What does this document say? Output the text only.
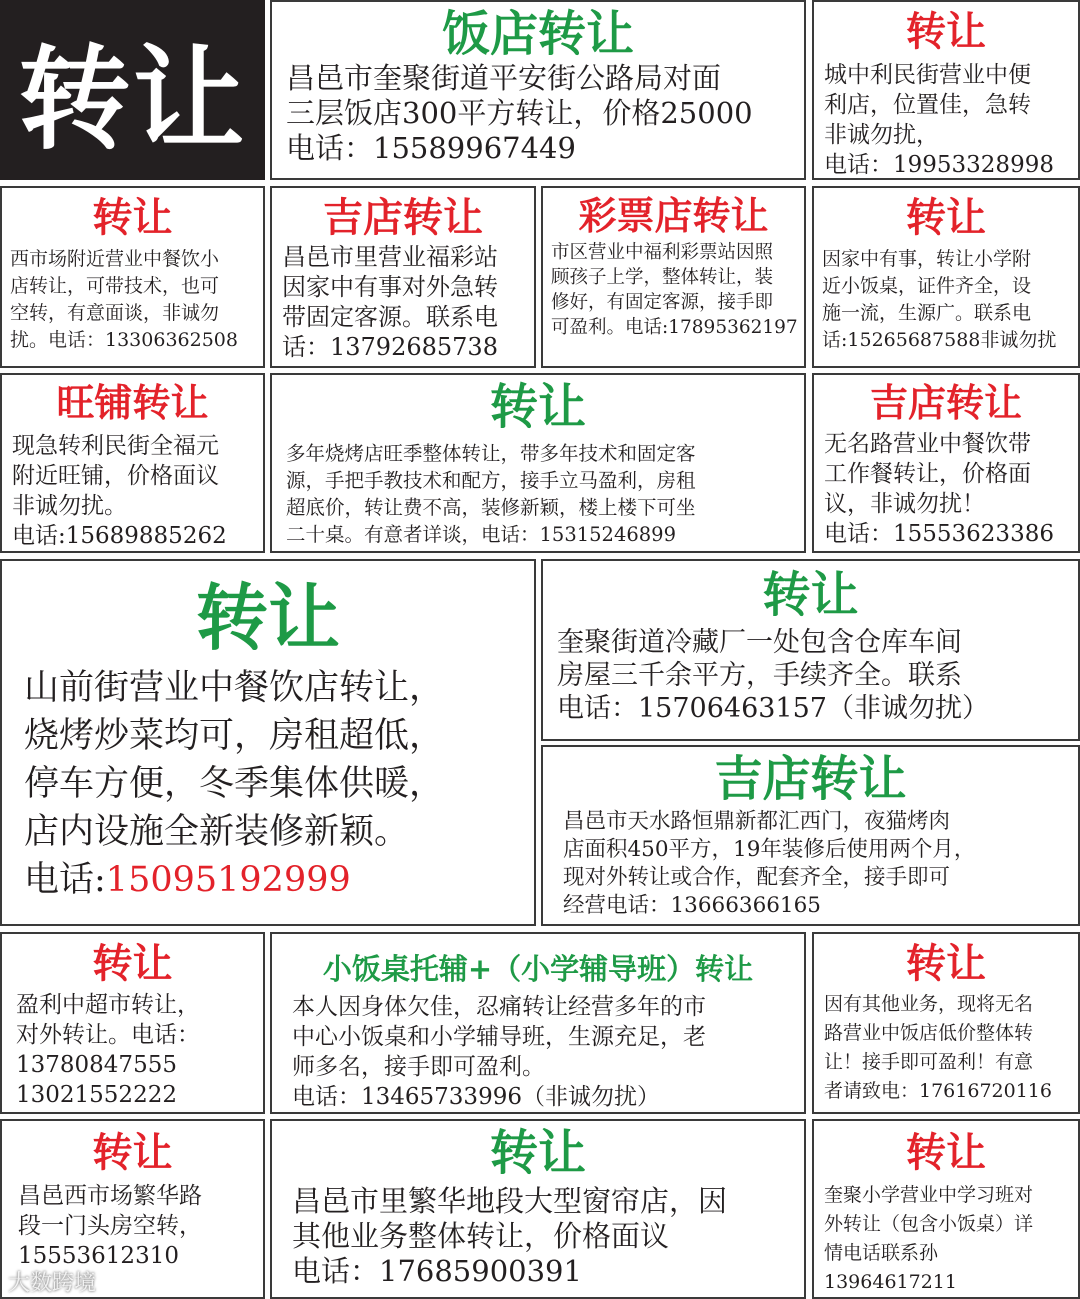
转让
饭店转让
昌邑市奎聚街道平安街公路局对面
三层饭店300平方转让，价格25000
电话：15589967449
转让
城中利民街营业中便
利店，位置佳，急转
非诚勿扰，
电话：19953328998
转让
西市场附近营业中餐饮小
店转让，可带技术，也可
空转，有意面谈，非诚勿
扰。电话：13306362508
吉店转让
昌邑市里营业福彩站
因家中有事对外急转
带固定客源。联系电
话：13792685738
彩票店转让
市区营业中福利彩票站因照
顾孩子上学，整体转让，装
修好，有固定客源，接手即
可盈利。电话:17895362197
转让
因家中有事，转让小学附
近小饭桌，证件齐全，设
施一流，生源广。联系电
话:15265687588非诚勿扰
旺铺转让
现急转利民街全福元
附近旺铺，价格面议
非诚勿扰。
电话:15689885262
转让
多年烧烤店旺季整体转让，带多年技术和固定客
源，手把手教技术和配方，接手立马盈利，房租
超底价，转让费不高，装修新颖，楼上楼下可坐
二十桌。有意者详谈，电话：15315246899
吉店转让
无名路营业中餐饮带
工作餐转让，价格面
议，非诚勿扰！
电话：15553623386
转让
山前街营业中餐饮店转让，
烧烤炒菜均可，房租超低，
停车方便，冬季集体供暖，
店内设施全新装修新颖。
电话:15095192999
转让
奎聚街道冷藏厂一处包含仓库车间
房屋三千余平方，手续齐全。联系
电话：15706463157（非诚勿扰）
吉店转让
昌邑市天水路恒鼎新都汇西门，夜猫烤肉
店面积450平方，19年装修后使用两个月，
现对外转让或合作，配套齐全，接手即可
经营电话：13666366165
转让
盈利中超市转让，
对外转让。电话：
13780847555
13021552222
小饭桌托辅+（小学辅导班）转让
本人因身体欠佳，忍痛转让经营多年的市
中心小饭桌和小学辅导班，生源充足，老
师多名，接手即可盈利。
电话：13465733996（非诚勿扰）
转让
因有其他业务，现将无名
路营业中饭店低价整体转
让！接手即可盈利！有意
者请致电：17616720116
转让
昌邑西市场繁华路
段一门头房空转，
15553612310
转让
昌邑市里繁华地段大型窗帘店，因
其他业务整体转让，价格面议
电话：17685900391
转让
奎聚小学营业中学习班对
外转让（包含小饭桌）详
情电话联系孙
13964617211
大数跨境
